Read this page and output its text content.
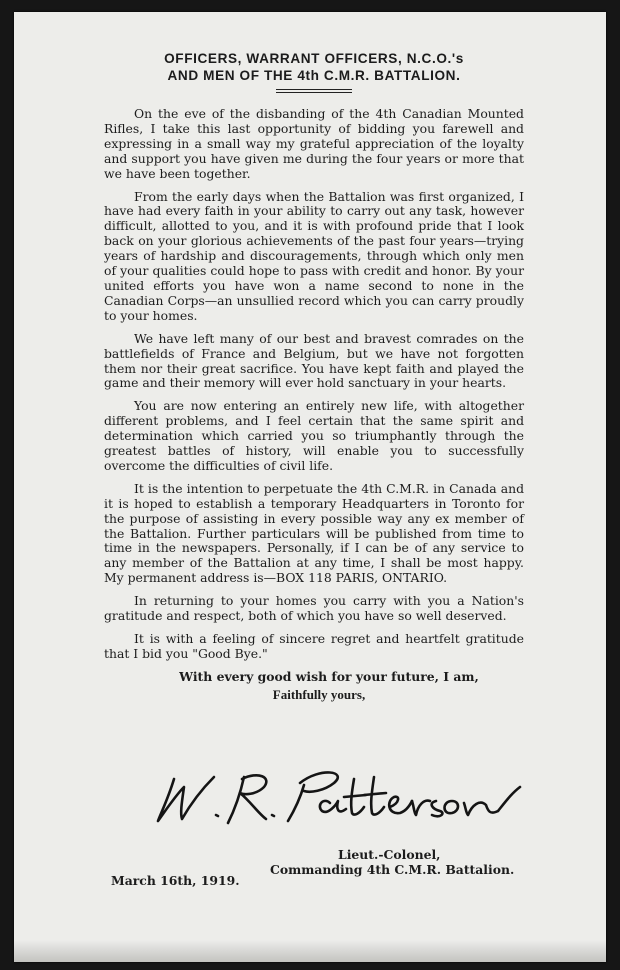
OFFICERS, WARRANT OFFICERS, N.C.O.'s
AND MEN OF THE 4th C.M.R. BATTALION.

On the eve of the disbanding of the 4th Canadian Mounted Rifles, I take this last opportunity of bidding you farewell and expressing in a small way my grateful appreciation of the loyalty and support you have given me during the four years or more that we have been together.

From the early days when the Battalion was first organized, I have had every faith in your ability to carry out any task, however difficult, allotted to you, and it is with profound pride that I look back on your glorious achievements of the past four years—trying years of hardship and discouragements, through which only men of your qualities could hope to pass with credit and honor. By your united efforts you have won a name second to none in the Canadian Corps—an unsullied record which you can carry proudly to your homes.

We have left many of our best and bravest comrades on the battlefields of France and Belgium, but we have not forgotten them nor their great sacrifice. You have kept faith and played the game and their memory will ever hold sanctuary in your hearts.

You are now entering an entirely new life, with altogether different problems, and I feel certain that the same spirit and determination which carried you so triumphantly through the greatest battles of history, will enable you to successfully overcome the difficulties of civil life.

It is the intention to perpetuate the 4th C.M.R. in Canada and it is hoped to establish a temporary Headquarters in Toronto for the purpose of assisting in every possible way any ex member of the Battalion. Further particulars will be published from time to time in the newspapers. Personally, if I can be of any service to any member of the Battalion at any time, I shall be most happy. My permanent address is—BOX 118 PARIS, ONTARIO.

In returning to your homes you carry with you a Nation's gratitude and respect, both of which you have so well deserved.

It is with a feeling of sincere regret and heartfelt gratitude that I bid you "Good Bye."

With every good wish for your future, I am,
Faithfully yours,
Lieut.-Colonel,
Commanding 4th C.M.R. Battalion.
March 16th, 1919.
